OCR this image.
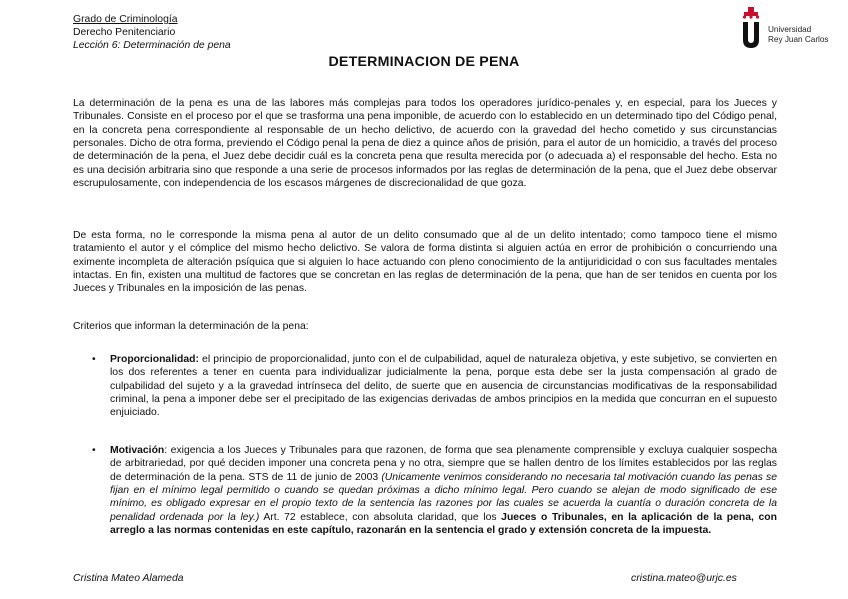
Grado de Criminología
Derecho Penitenciario
Lección 6: Determinación de pena
Universidad
Rey Juan Carlos
DETERMINACION DE PENA

La determinación de la pena es una de las labores más complejas para todos los operadores jurídico-penales y, en especial, para los Jueces y Tribunales. Consiste en el proceso por el que se trasforma una pena imponible, de acuerdo con lo establecido en un determinado tipo del Código penal, en la concreta pena correspondiente al responsable de un hecho delictivo, de acuerdo con la gravedad del hecho cometido y sus circunstancias personales. Dicho de otra forma, previendo el Código penal la pena de diez a quince años de prisión, para el autor de un homicidio, a través del proceso de determinación de la pena, el Juez debe decidir cuál es la concreta pena que resulta merecida por (o adecuada a) el responsable del hecho. Esta no es una decisión arbitraria sino que responde a una serie de procesos informados por las reglas de determinación de la pena, que el Juez debe observar escrupulosamente, con independencia de los escasos márgenes de discrecionalidad de que goza.

De esta forma, no le corresponde la misma pena al autor de un delito consumado que al de un delito intentado; como tampoco tiene el mismo tratamiento el autor y el cómplice del mismo hecho delictivo. Se valora de forma distinta si alguien actúa en error de prohibición o concurriendo una eximente incompleta de alteración psíquica que si alguien lo hace actuando con pleno conocimiento de la antijuridicidad o con sus facultades mentales intactas. En fin, existen una multitud de factores que se concretan en las reglas de determinación de la pena, que han de ser tenidos en cuenta por los Jueces y Tribunales en la imposición de las penas.

Criterios que informan la determinación de la pena:

• Proporcionalidad: el principio de proporcionalidad, junto con el de culpabilidad, aquel de naturaleza objetiva, y este subjetivo, se convierten en los dos referentes a tener en cuenta para individualizar judicialmente la pena, porque esta debe ser la justa compensación al grado de culpabilidad del sujeto y a la gravedad intrínseca del delito, de suerte que en ausencia de circunstancias modificativas de la responsabilidad criminal, la pena a imponer debe ser el precipitado de las exigencias derivadas de ambos principios en la medida que concurran en el supuesto enjuiciado.

• Motivación: exigencia a los Jueces y Tribunales para que razonen, de forma que sea plenamente comprensible y excluya cualquier sospecha de arbitrariedad, por qué deciden imponer una concreta pena y no otra, siempre que se hallen dentro de los límites establecidos por las reglas de determinación de la pena. STS de 11 de junio de 2003 (Unicamente venimos considerando no necesaria tal motivación cuando las penas se fijan en el mínimo legal permitido o cuando se quedan próximas a dicho mínimo legal. Pero cuando se alejan de modo significado de ese mínimo, es obligado expresar en el propio texto de la sentencia las razones por las cuales se acuerda la cuantía o duración concreta de la penalidad ordenada por la ley.) Art. 72 establece, con absoluta claridad, que los Jueces o Tribunales, en la aplicación de la pena, con arreglo a las normas contenidas en este capítulo, razonarán en la sentencia el grado y extensión concreta de la impuesta.

Cristina Mateo Alameda	cristina.mateo@urjc.es
